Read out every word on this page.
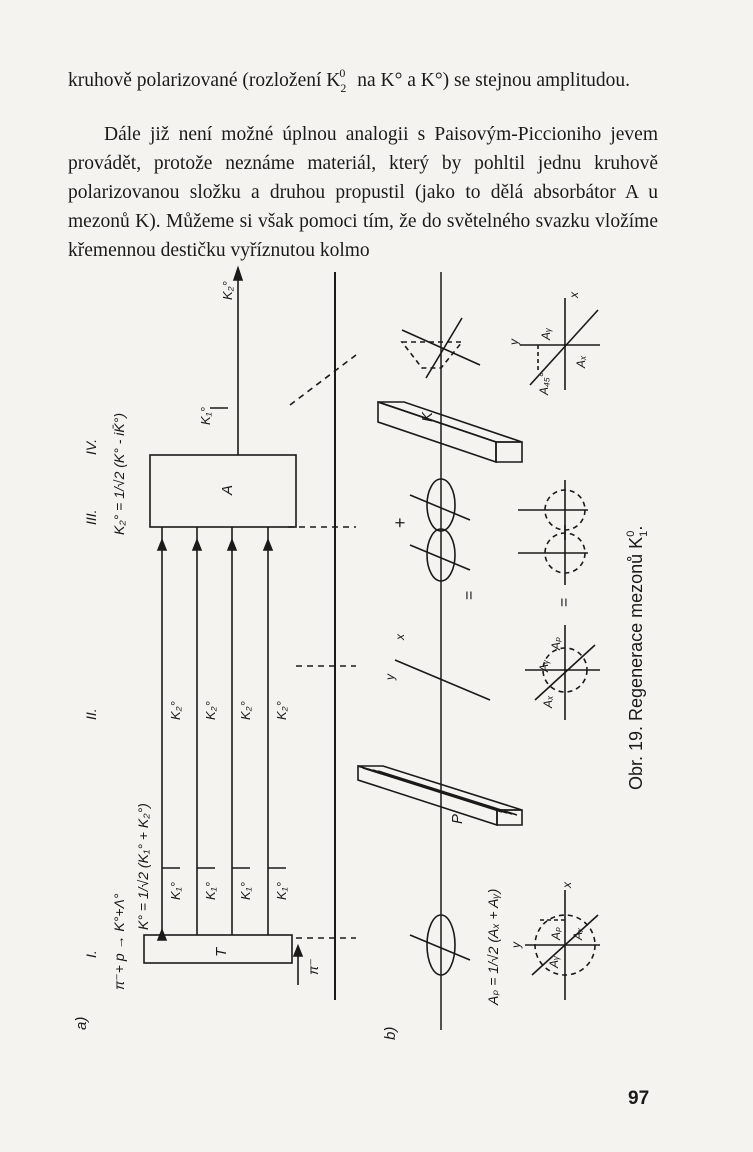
kruhově polarizované (rozložení $K_2^0$ na K° a K°) se stejnou amplitudou.
Dále již není možné úplnou analogii s Paisovým-Piccioniho jevem provádět, protože neznáme materiál, který by pohltil jednu kruhově polarizovanou složku a druhou propustil (jako to dělá absorbátor A u mezonů K). Můžeme si však pomoci tím, že do světelného svazku vložíme křemennou destičku vyříznutou kolmo
a)
b)
I.
II.
III.
IV.
π⁻+ p → K°+Λ°
K° = 1/√2 (K₁° + K₂°)
K₂° = 1/√2 (K° - iK̄°)
Aₚ = 1/√2 (Aₓ + Aᵧ)
T
A
K
P
π⁻
K₂° K₂° K₂° K₂°
K₁° K₁° K₁° K₁°
K₁°
K₂°
+
=
=
x
y
Aᵧ
Aₓ
A₄₅°
Aᵧ
Aₓ
Aₚ
Aₚ
Aᵧ
Aₓ
x
y
x
y	Obr. 19. Regenerace mezonů $K_10$.
97
